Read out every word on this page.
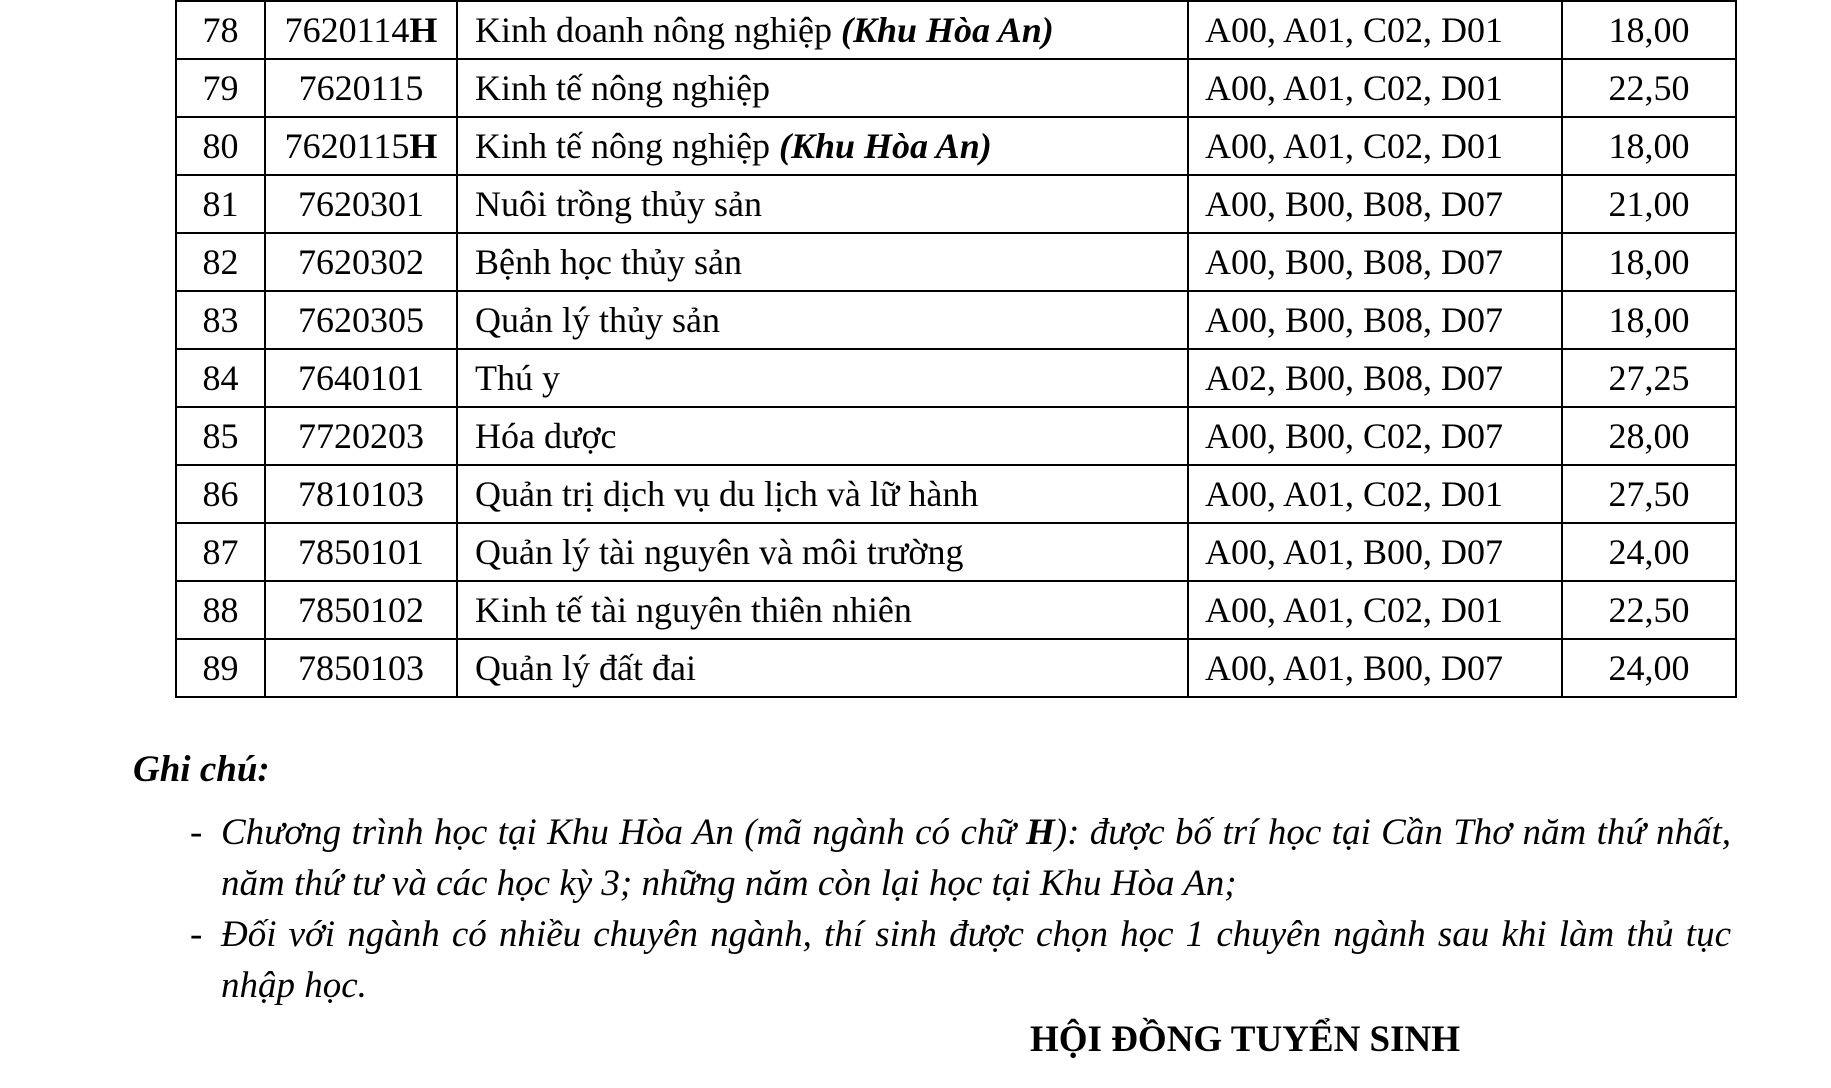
78	7620114H	Kinh doanh nông nghiệp (Khu Hòa An)	A00, A01, C02, D01	18,00
79	7620115	Kinh tế nông nghiệp	A00, A01, C02, D01	22,50
80	7620115H	Kinh tế nông nghiệp (Khu Hòa An)	A00, A01, C02, D01	18,00
81	7620301	Nuôi trồng thủy sản	A00, B00, B08, D07	21,00
82	7620302	Bệnh học thủy sản	A00, B00, B08, D07	18,00
83	7620305	Quản lý thủy sản	A00, B00, B08, D07	18,00
84	7640101	Thú y	A02, B00, B08, D07	27,25
85	7720203	Hóa dược	A00, B00, C02, D07	28,00
86	7810103	Quản trị dịch vụ du lịch và lữ hành	A00, A01, C02, D01	27,50
87	7850101	Quản lý tài nguyên và môi trường	A00, A01, B00, D07	24,00
88	7850102	Kinh tế tài nguyên thiên nhiên	A00, A01, C02, D01	22,50
89	7850103	Quản lý đất đai	A00, A01, B00, D07	24,00
Ghi chú:
- Chương trình học tại Khu Hòa An (mã ngành có chữ H): được bố trí học tại Cần Thơ năm thứ nhất, năm thứ tư và các học kỳ 3; những năm còn lại học tại Khu Hòa An;
- Đối với ngành có nhiều chuyên ngành, thí sinh được chọn học 1 chuyên ngành sau khi làm thủ tục nhập học.
HỘI ĐỒNG TUYỂN SINH
